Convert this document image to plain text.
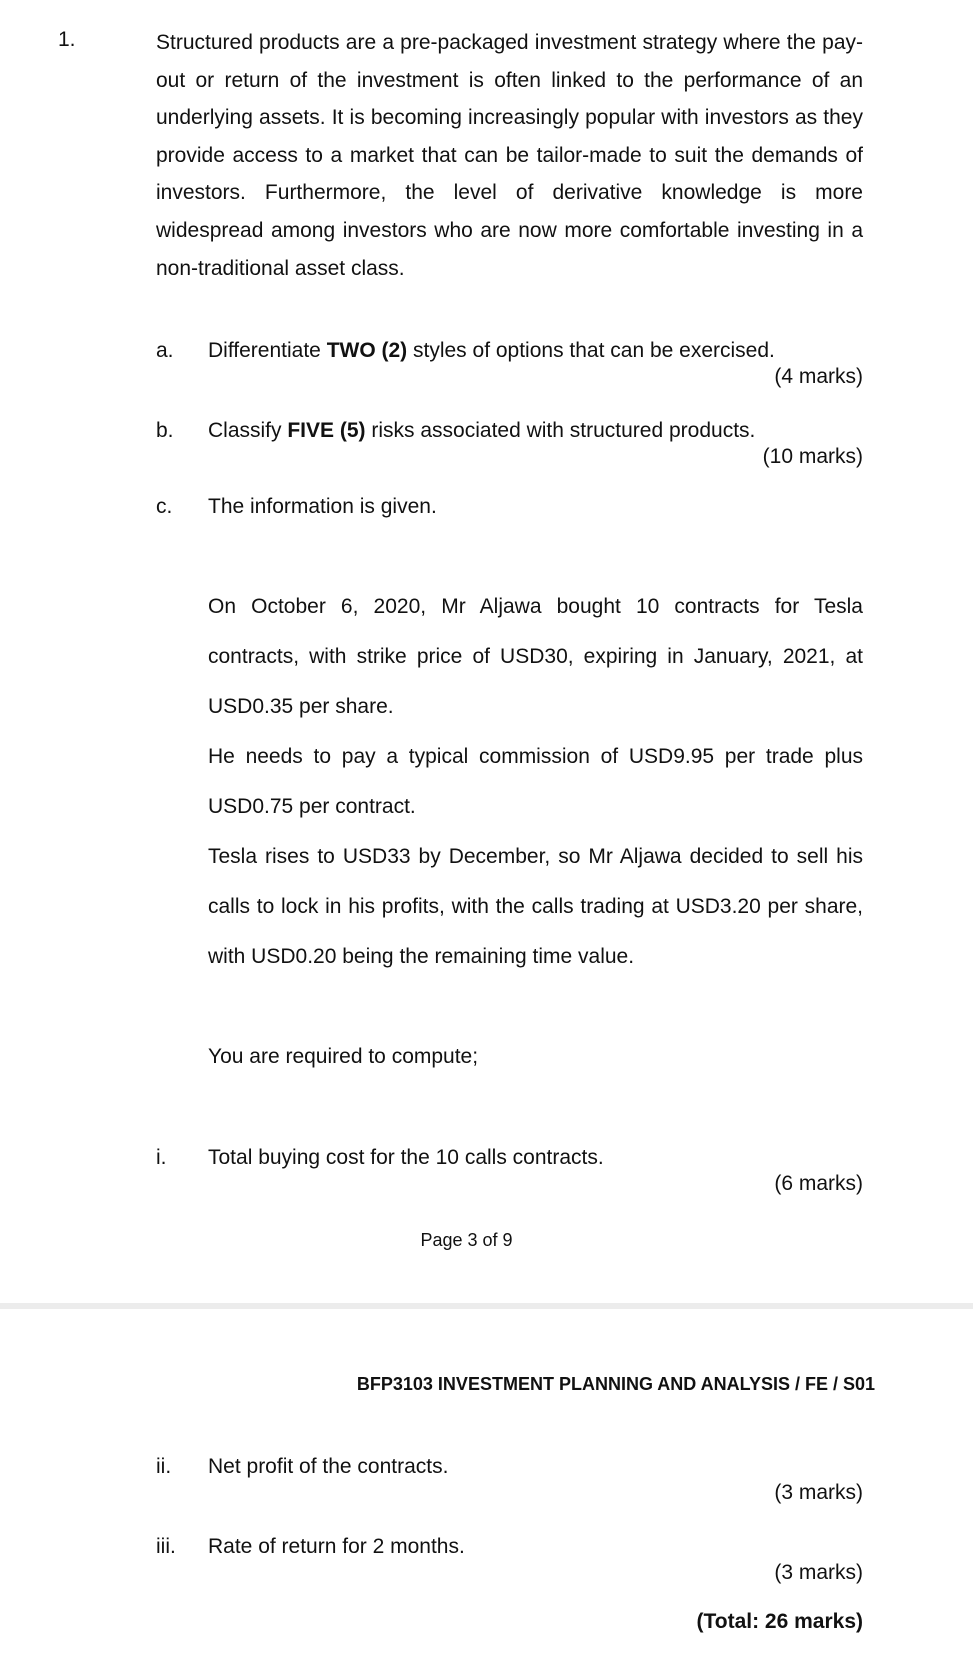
1.	Structured products are a pre-packaged investment strategy where the pay-out or return of the investment is often linked to the performance of an underlying assets. It is becoming increasingly popular with investors as they provide access to a market that can be tailor-made to suit the demands of investors. Furthermore, the level of derivative knowledge is more widespread among investors who are now more comfortable investing in a non-traditional asset class.
a. Differentiate TWO (2) styles of options that can be exercised.
(4 marks)
b. Classify FIVE (5) risks associated with structured products.
(10 marks)
c. The information is given.
On October 6, 2020, Mr Aljawa bought 10 contracts for Tesla contracts, with strike price of USD30, expiring in January, 2021, at USD0.35 per share.
He needs to pay a typical commission of USD9.95 per trade plus USD0.75 per contract.
Tesla rises to USD33 by December, so Mr Aljawa decided to sell his calls to lock in his profits, with the calls trading at USD3.20 per share, with USD0.20 being the remaining time value.
You are required to compute;
i. Total buying cost for the 10 calls contracts.
(6 marks)
Page 3 of 9
BFP3103 INVESTMENT PLANNING AND ANALYSIS / FE / S01
ii. Net profit of the contracts.
(3 marks)
iii. Rate of return for 2 months.
(3 marks)
(Total: 26 marks)
